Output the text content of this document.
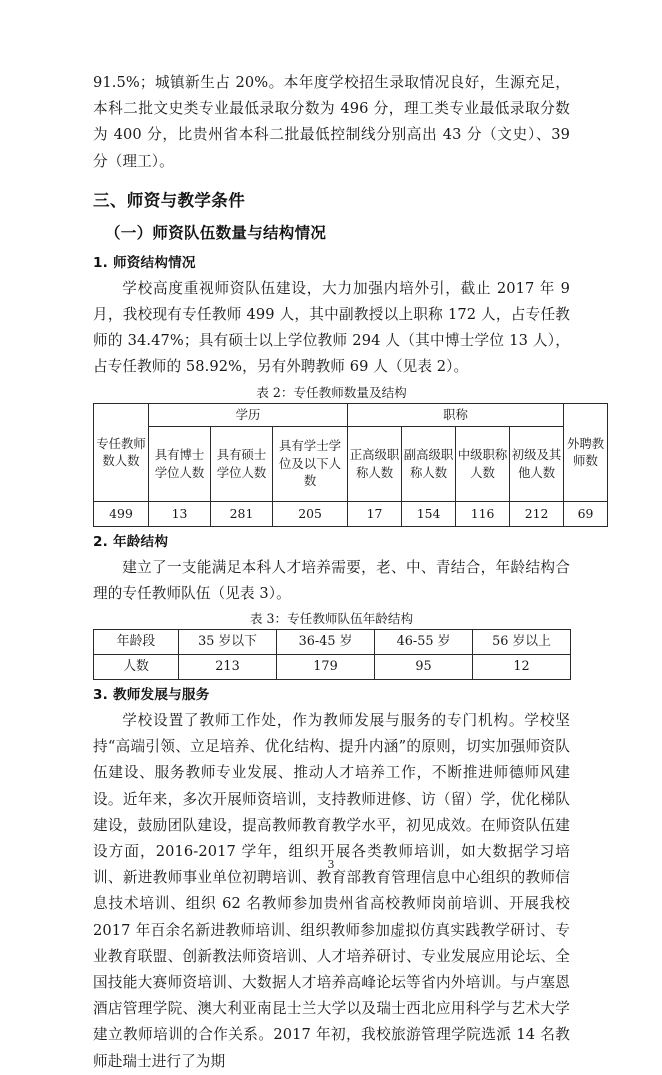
91.5%；城镇新生占 20%。本年度学校招生录取情况良好，生源充足，本科二批文史类专业最低录取分数为 496 分，理工类专业最低录取分数为 400 分，比贵州省本科二批最低控制线分别高出 43 分（文史）、39 分（理工）。

三、师资与教学条件
（一）师资队伍数量与结构情况
1. 师资结构情况

学校高度重视师资队伍建设，大力加强内培外引，截止 2017 年 9 月，我校现有专任教师 499 人，其中副教授以上职称 172 人，占专任教师的 34.47%；具有硕士以上学位教师 294 人（其中博士学位 13 人），占专任教师的 58.92%，另有外聘教师 69 人（见表 2）。

表 2：专任教师数量及结构
专任教师数人数	学历			职称				外聘教师数
	具有博士学位人数	具有硕士学位人数	具有学士学位及以下人数	正高级职称人数	副高级职称人数	中级职称人数	初级及其他人数	
499	13	281	205	17	154	116	212	69
2. 年龄结构

建立了一支能满足本科人才培养需要，老、中、青结合，年龄结构合理的专任教师队伍（见表 3）。

表 3：专任教师队伍年龄结构
年龄段	35 岁以下	36-45 岁	46-55 岁	56 岁以上
人数	213	179	95	12
3. 教师发展与服务

学校设置了教师工作处，作为教师发展与服务的专门机构。学校坚持“高端引领、立足培养、优化结构、提升内涵”的原则，切实加强师资队伍建设、服务教师专业发展、推动人才培养工作，不断推进师德师风建设。近年来，多次开展师资培训，支持教师进修、访（留）学，优化梯队建设，鼓励团队建设，提高教师教育教学水平，初见成效。在师资队伍建设方面，2016-2017 学年，组织开展各类教师培训，如大数据学习培训、新进教师事业单位初聘培训、教育部教育管理信息中心组织的教师信息技术培训、组织 62 名教师参加贵州省高校教师岗前培训、开展我校 2017 年百余名新进教师培训、组织教师参加虚拟仿真实践教学研讨、专业教育联盟、创新教法师资培训、人才培养研讨、专业发展应用论坛、全国技能大赛师资培训、大数据人才培养高峰论坛等省内外培训。与卢塞恩酒店管理学院、澳大利亚南昆士兰大学以及瑞士西北应用科学与艺术大学建立教师培训的合作关系。2017 年初，我校旅游管理学院选派 14 名教师赴瑞士进行了为期

3
